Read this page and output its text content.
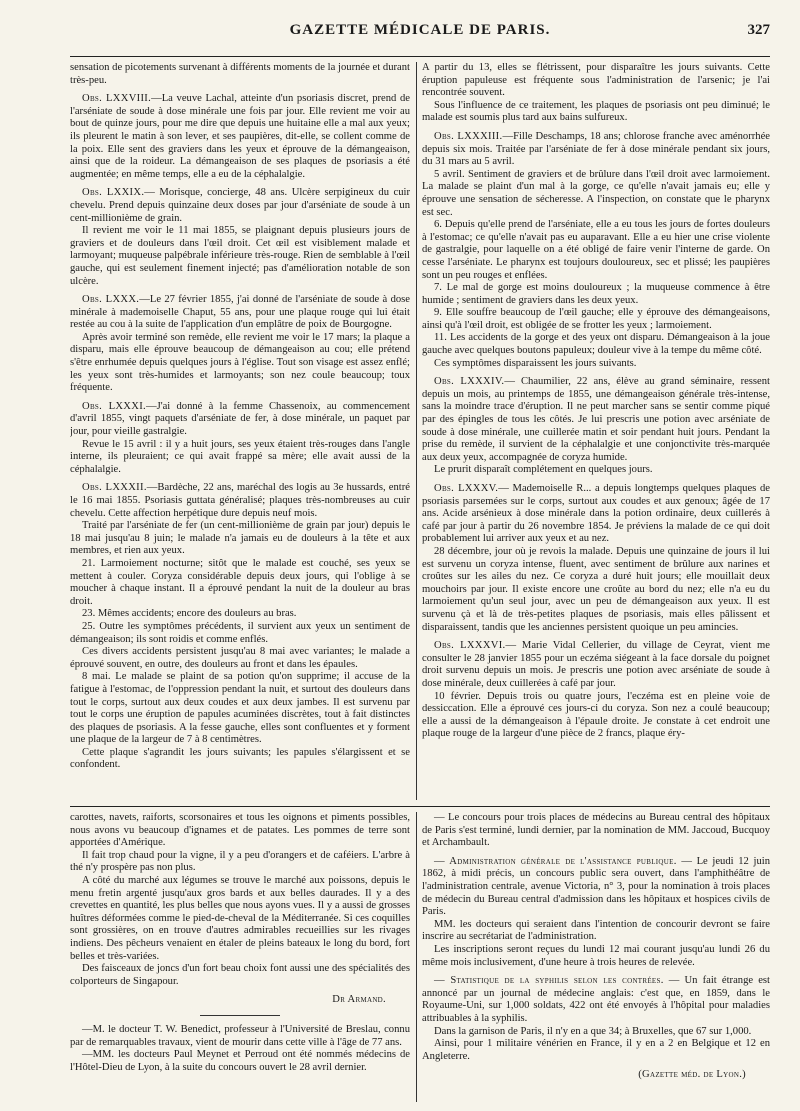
GAZETTE MÉDICALE DE PARIS.	327

sensation de picotements survenant à différents moments de la journée et durant très-peu.

Obs. LXXVIII.—La veuve Lachal, atteinte d'un psoriasis discret, prend de l'arséniate de soude à dose minérale une fois par jour. Elle revient me voir au bout de quinze jours, pour me dire que depuis une huitaine elle a mal aux yeux; ils pleurent le matin à son lever, et ses paupières, dit-elle, se collent comme de la poix. Elle sent des graviers dans les yeux et éprouve de la démangeaison, ainsi que de la roideur. La démangeaison de ses plaques de psoriasis a été augmentée; en même temps, elle a eu de la céphalalgie.

Obs. LXXIX.— Morisque, concierge, 48 ans. Ulcère serpigineux du cuir chevelu. Prend depuis quinzaine deux doses par jour d'arséniate de soude à un cent-millionième de grain.

Il revient me voir le 11 mai 1855, se plaignant depuis plusieurs jours de graviers et de douleurs dans l'œil droit. Cet œil est visiblement malade et larmoyant; muqueuse palpébrale inférieure très-rouge. Rien de semblable à l'œil gauche, qui est seulement finement injecté; pas d'amélioration notable de son ulcère.

Obs. LXXX.—Le 27 février 1855, j'ai donné de l'arséniate de soude à dose minérale à mademoiselle Chaput, 55 ans, pour une plaque rouge qui lui était restée au cou à la suite de l'application d'un emplâtre de poix de Bourgogne.

Après avoir terminé son remède, elle revient me voir le 17 mars; la plaque a disparu, mais elle éprouve beaucoup de démangeaison au cou; elle prétend s'être enrhumée depuis quelques jours à l'église. Tout son visage est assez enflé; les yeux sont très-humides et larmoyants; son nez coule beaucoup; toux fréquente.

Obs. LXXXI.—J'ai donné à la femme Chassenoix, au commencement d'avril 1855, vingt paquets d'arséniate de fer, à dose minérale, un paquet par jour, pour vieille gastralgie.

Revue le 15 avril : il y a huit jours, ses yeux étaient très-rouges dans l'angle interne, ils pleuraient; ce qui avait frappé sa mère; elle avait aussi de la céphalalgie.

Obs. LXXXII.—Bardèche, 22 ans, maréchal des logis au 3e hussards, entré le 16 mai 1855. Psoriasis guttata généralisé; plaques très-nombreuses au cuir chevelu. Cette affection herpétique dure depuis neuf mois.

Traité par l'arséniate de fer (un cent-millionième de grain par jour) depuis le 18 mai jusqu'au 8 juin; le malade n'a jamais eu de douleurs à la tête et aux membres, et rien aux yeux.

21. Larmoiement nocturne; sitôt que le malade est couché, ses yeux se mettent à couler. Coryza considérable depuis deux jours, qui l'oblige à se moucher à chaque instant. Il a éprouvé pendant la nuit de la douleur au bras droit.

23. Mêmes accidents; encore des douleurs au bras.

25. Outre les symptômes précédents, il survient aux yeux un sentiment de démangeaison; ils sont roidis et comme enflés.

Ces divers accidents persistent jusqu'au 8 mai avec variantes; le malade a éprouvé souvent, en outre, des douleurs au front et dans les épaules.

8 mai. Le malade se plaint de sa potion qu'on supprime; il accuse de la fatigue à l'estomac, de l'oppression pendant la nuit, et surtout des douleurs dans tout le corps, surtout aux deux coudes et aux deux jambes. Il est survenu par tout le corps une éruption de papules acuminées discrètes, tout à fait distinctes des plaques de psoriasis. A la fesse gauche, elles sont confluentes et y forment une plaque de la largeur de 7 à 8 centimètres.

Cette plaque s'agrandit les jours suivants; les papules s'élargissent et se confondent.

A partir du 13, elles se flétrissent, pour disparaître les jours suivants. Cette éruption papuleuse est fréquente sous l'administration de l'arsenic; je l'ai rencontrée souvent.

Sous l'influence de ce traitement, les plaques de psoriasis ont peu diminué; le malade est soumis plus tard aux bains sulfureux.

Obs. LXXXIII.—Fille Deschamps, 18 ans; chlorose franche avec aménorrhée depuis six mois. Traitée par l'arséniate de fer à dose minérale pendant six jours, du 31 mars au 5 avril.

5 avril. Sentiment de graviers et de brûlure dans l'œil droit avec larmoiement. La malade se plaint d'un mal à la gorge, ce qu'elle n'avait jamais eu; elle y éprouve une sensation de sécheresse. A l'inspection, on constate que le pharynx est sec.

6. Depuis qu'elle prend de l'arséniate, elle a eu tous les jours de fortes douleurs à l'estomac; ce qu'elle n'avait pas eu auparavant. Elle a eu hier une crise violente de gastralgie, pour laquelle on a été obligé de faire venir l'interne de garde. On cesse l'arséniate. Le pharynx est toujours douloureux, sec et plissé; les paupières sont un peu rouges et enflées.

7. Le mal de gorge est moins douloureux ; la muqueuse commence à être humide ; sentiment de graviers dans les deux yeux.

9. Elle souffre beaucoup de l'œil gauche; elle y éprouve des démangeaisons, ainsi qu'à l'œil droit, est obligée de se frotter les yeux ; larmoiement.

11. Les accidents de la gorge et des yeux ont disparu. Démangeaison à la joue gauche avec quelques boutons papuleux; douleur vive à la tempe du même côté.

Ces symptômes disparaissent les jours suivants.

Obs. LXXXIV.— Chaumilier, 22 ans, élève au grand séminaire, ressent depuis un mois, au printemps de 1855, une démangeaison générale très-intense, sans la moindre trace d'éruption. Il ne peut marcher sans se sentir comme piqué par des épingles de tous les côtés. Je lui prescris une potion avec arséniate de soude à dose minérale, une cuillerée matin et soir pendant huit jours. Pendant la prise du remède, il survient de la céphalalgie et une conjonctivite très-marquée aux deux yeux, accompagnée de coryza humide.

Le prurit disparaît complétement en quelques jours.

Obs. LXXXV.— Mademoiselle R... a depuis longtemps quelques plaques de psoriasis parsemées sur le corps, surtout aux coudes et aux genoux; âgée de 17 ans. Acide arsénieux à dose minérale dans la potion ordinaire, deux cuillerés à café par jour à partir du 26 novembre 1854. Je préviens la malade de ce qui doit probablement lui arriver aux yeux et au nez.

28 décembre, jour où je revois la malade. Depuis une quinzaine de jours il lui est survenu un coryza intense, fluent, avec sentiment de brûlure aux narines et croûtes sur les ailes du nez. Ce coryza a duré huit jours; elle mouillait deux mouchoirs par jour. Il existe encore une croûte au bord du nez; elle n'a eu du larmoiement qu'un seul jour, avec un peu de démangeaison aux yeux. Il est survenu çà et là de très-petites plaques de psoriasis, mais elles pâlissent et disparaissent, tandis que les anciennes persistent quoique un peu amincies.

Obs. LXXXVI.— Marie Vidal Cellerier, du village de Ceyrat, vient me consulter le 28 janvier 1855 pour un eczéma siégeant à la face dorsale du poignet droit survenu depuis un mois. Je prescris une potion avec arséniate de soude à dose minérale, deux cuillerées à café par jour.

10 février. Depuis trois ou quatre jours, l'eczéma est en pleine voie de dessiccation. Elle a éprouvé ces jours-ci du coryza. Son nez a coulé beaucoup; elle a aussi de la démangeaison à l'épaule droite. Je constate à cet endroit une plaque rouge de la largeur d'une pièce de 2 francs, plaque éry-

carottes, navets, raiforts, scorsonaires et tous les oignons et piments possibles, nous avons vu beaucoup d'ignames et de patates. Les pommes de terre sont apportées d'Amérique.

Il fait trop chaud pour la vigne, il y a peu d'orangers et de caféiers. L'arbre à thé n'y prospère pas non plus.

A côté du marché aux légumes se trouve le marché aux poissons, depuis le menu fretin argenté jusqu'aux gros bards et aux belles daurades. Il y a des crevettes en quantité, les plus belles que nous ayons vues. Il y a aussi de grosses huîtres déformées comme le pied-de-cheval de la Méditerranée. Si ces coquilles sont grossières, on en trouve d'autres admirables recueillies sur les rivages indiens. Des pêcheurs venaient en étaler de pleins bateaux le long du bord, fort belles et très-variées.

Des faisceaux de joncs d'un fort beau choix font aussi une des spécialités des colporteurs de Singapour.

Dr Armand.

—M. le docteur T. W. Benedict, professeur à l'Université de Breslau, connu par de remarquables travaux, vient de mourir dans cette ville à l'âge de 77 ans.

—MM. les docteurs Paul Meynet et Perroud ont été nommés médecins de l'Hôtel-Dieu de Lyon, à la suite du concours ouvert le 28 avril dernier.

— Le concours pour trois places de médecins au Bureau central des hôpitaux de Paris s'est terminé, lundi dernier, par la nomination de MM. Jaccoud, Bucquoy et Archambault.

— Administration générale de l'assistance publique. — Le jeudi 12 juin 1862, à midi précis, un concours public sera ouvert, dans l'amphithéâtre de l'administration centrale, avenue Victoria, n° 3, pour la nomination à trois places de médecin du Bureau central d'admission dans les hôpitaux et hospices civils de Paris.

MM. les docteurs qui seraient dans l'intention de concourir devront se faire inscrire au secrétariat de l'administration.

Les inscriptions seront reçues du lundi 12 mai courant jusqu'au lundi 26 du même mois inclusivement, d'une heure à trois heures de relevée.

— Statistique de la syphilis selon les contrées. — Un fait étrange est annoncé par un journal de médecine anglais: c'est que, en 1859, dans le Royaume-Uni, sur 1,000 soldats, 422 ont été envoyés à l'hôpital pour maladies attribuables à la syphilis.

Dans la garnison de Paris, il n'y en a que 34; à Bruxelles, que 67 sur 1,000.

Ainsi, pour 1 militaire vénérien en France, il y en a 2 en Belgique et 12 en Angleterre.

(Gazette méd. de Lyon.)
